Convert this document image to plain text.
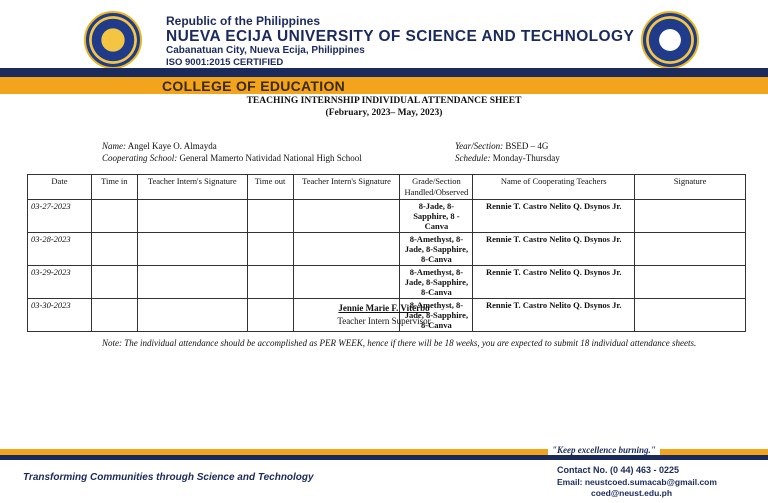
Republic of the Philippines
NUEVA ECIJA UNIVERSITY OF SCIENCE AND TECHNOLOGY
Cabanatuan City, Nueva Ecija, Philippines
ISO 9001:2015 CERTIFIED
COLLEGE OF EDUCATION
TEACHING INTERNSHIP INDIVIDUAL ATTENDANCE SHEET
(February, 2023– May, 2023)
Name: Angel Kaye O. Almayda
Cooperating School: General Mamerto Natividad National High School
Year/Section: BSED – 4G
Schedule: Monday-Thursday
Date	Time in	Teacher Intern's Signature	Time out	Teacher Intern's Signature	Grade/Section Handled/Observed	Name of Cooperating Teachers	Signature
03-27-2023					8-Jade, 8-Sapphire, 8 - Canva	Rennie T. Castro Nelito Q. Dsynos Jr.	
03-28-2023					8-Amethyst, 8-Jade, 8-Sapphire, 8-Canva	Rennie T. Castro Nelito Q. Dsynos Jr.	
03-29-2023					8-Amethyst, 8-Jade, 8-Sapphire, 8-Canva	Rennie T. Castro Nelito Q. Dsynos Jr.	
03-30-2023					8-Amethyst, 8-Jade, 8-Sapphire, 8-Canva	Rennie T. Castro Nelito Q. Dsynos Jr.	
Jennie Marie F. Viterbo
Teacher Intern Supervisor
Note: The individual attendance should be accomplished as PER WEEK, hence if there will be 18 weeks, you are expected to submit 18 individual attendance sheets.
"Keep excellence burning."
Transforming Communities through Science and Technology
Contact No. (0 44) 463 - 0225
Email: neustcoed.sumacab@gmail.com
coed@neust.edu.ph
